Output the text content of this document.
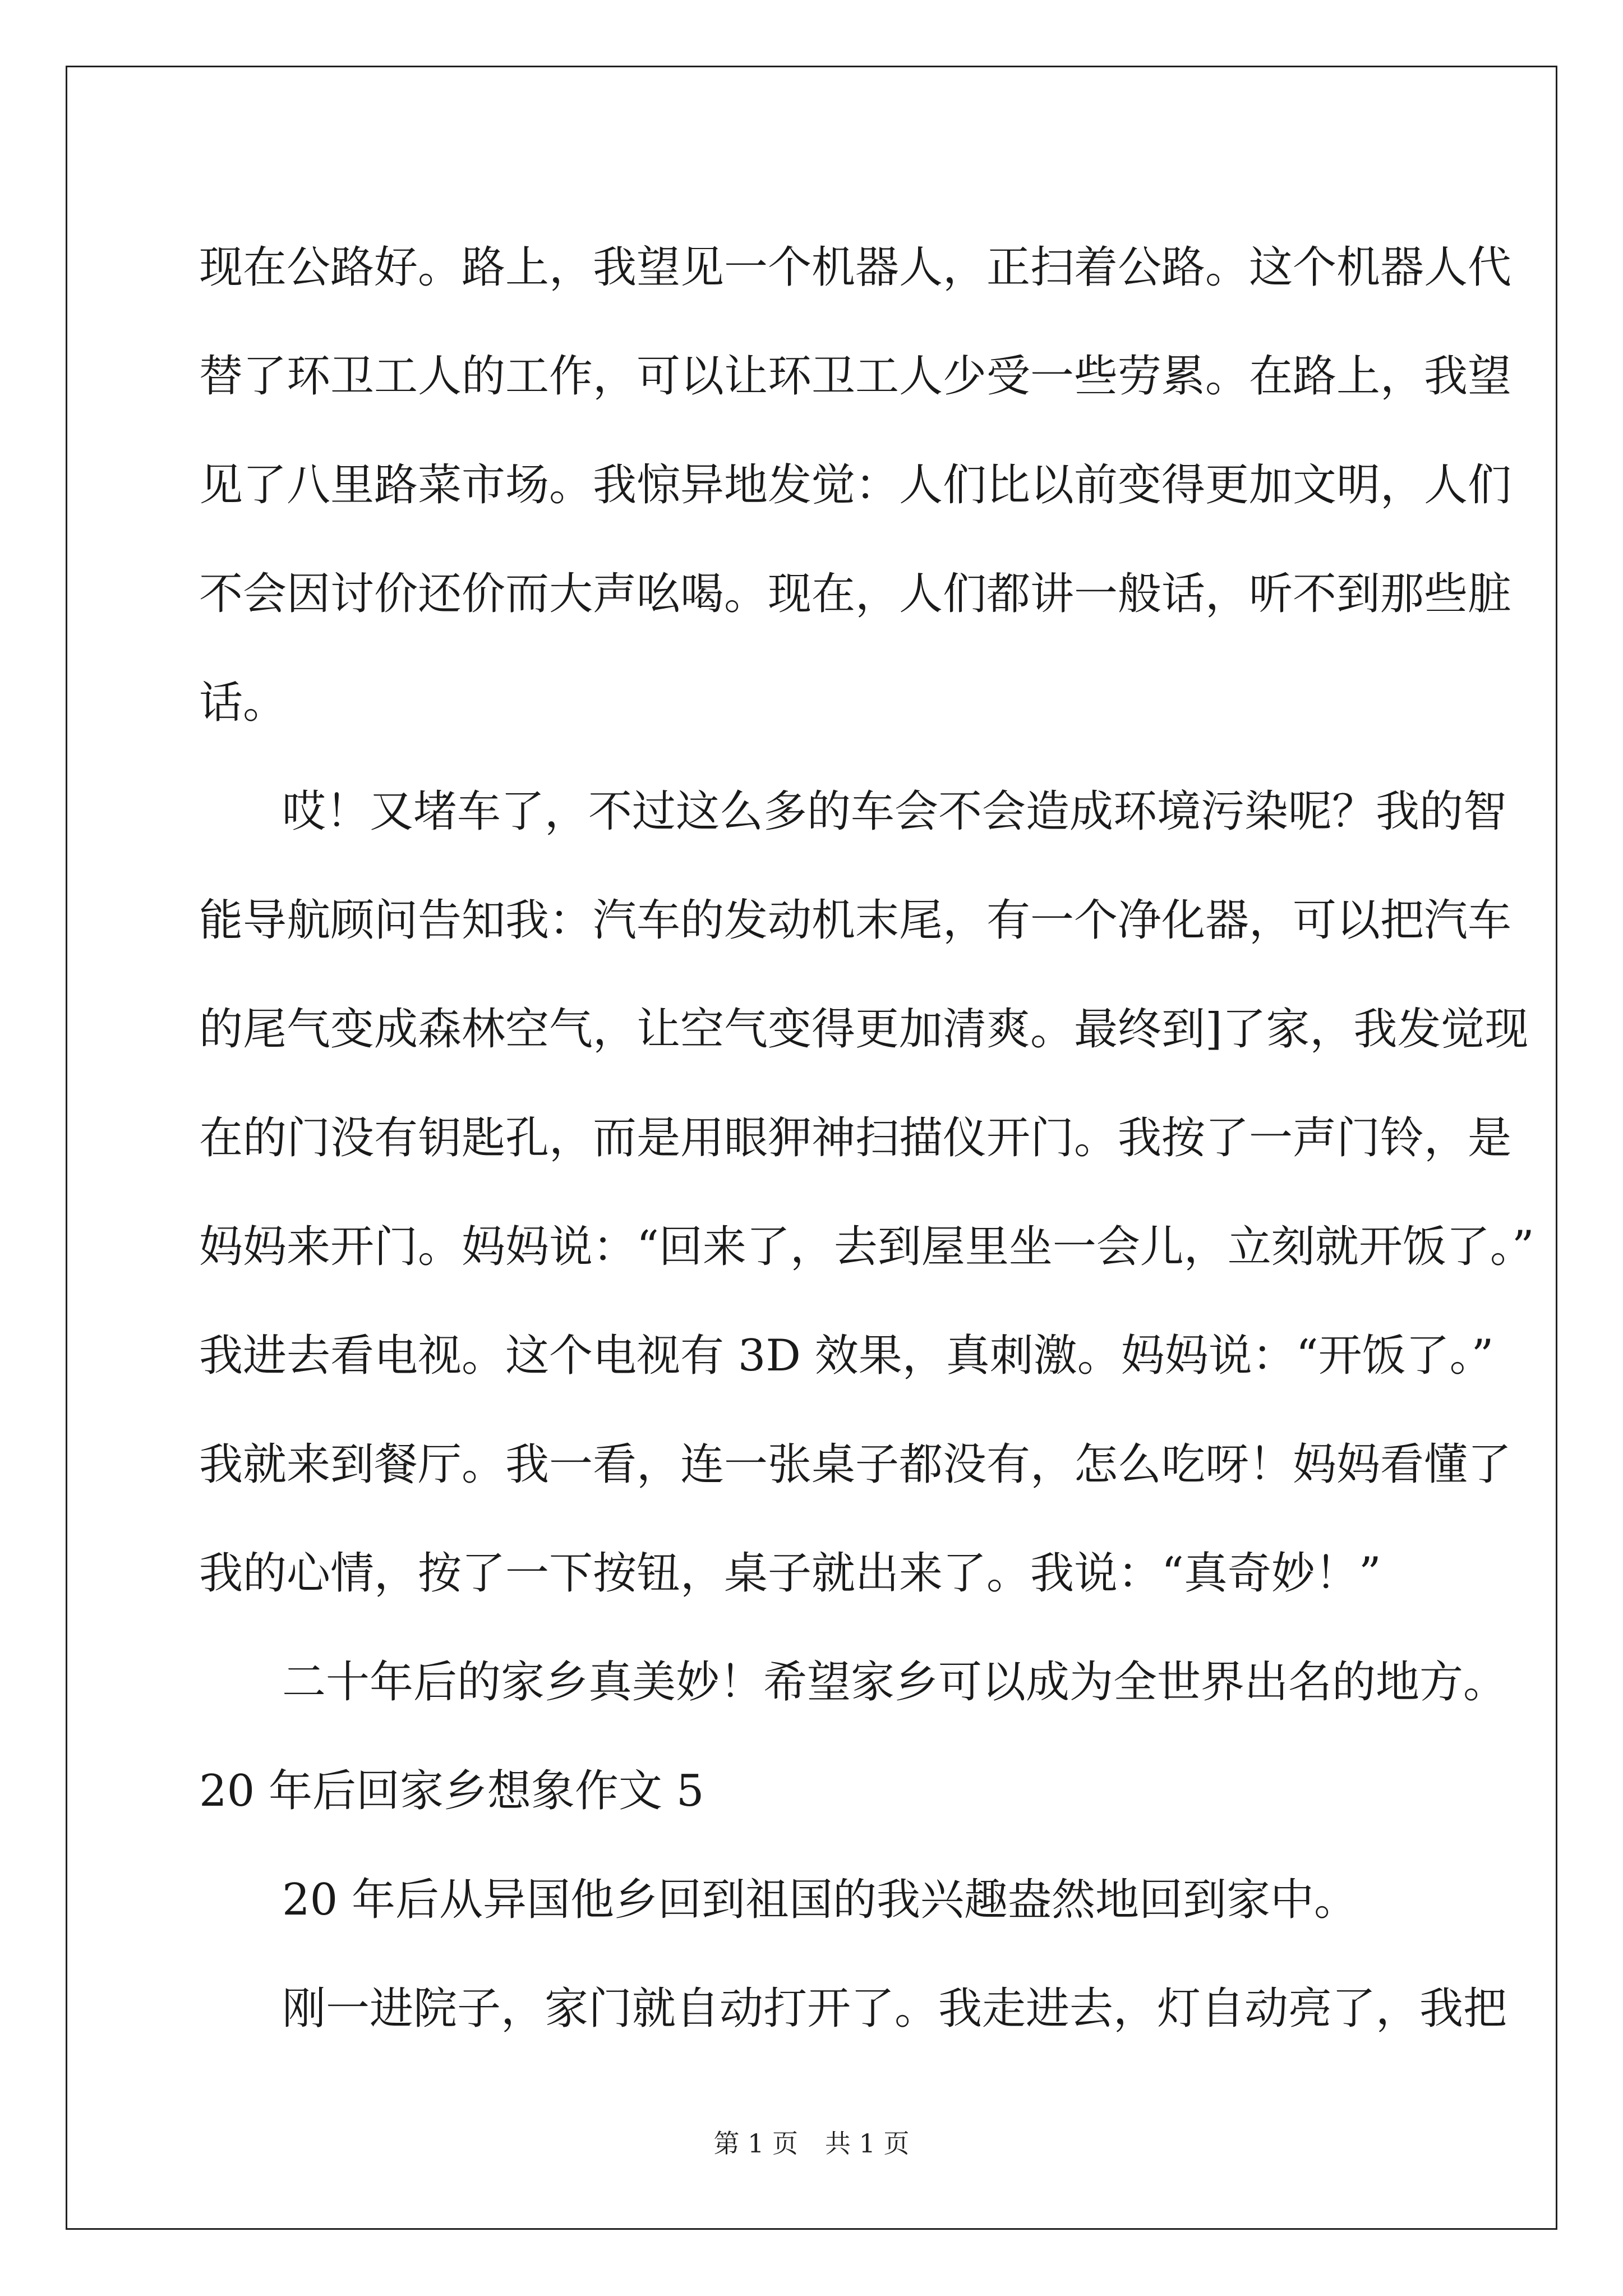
现在公路好。路上，我望见一个机器人，正扫着公路。这个机器人代
替了环卫工人的工作，可以让环卫工人少受一些劳累。在路上，我望
见了八里路菜市场。我惊异地发觉：人们比以前变得更加文明，人们
不会因讨价还价而大声吆喝。现在，人们都讲一般话，听不到那些脏
话。
哎！又堵车了，不过这么多的车会不会造成环境污染呢？我的智
能导航顾问告知我：汽车的发动机末尾，有一个净化器，可以把汽车
的尾气变成森林空气，让空气变得更加清爽。最终到]了家，我发觉现
在的门没有钥匙孔，而是用眼狎神扫描仪开门。我按了一声门铃，是
妈妈来开门。妈妈说：“回来了，去到屋里坐一会儿，立刻就开饭了。”
我进去看电视。这个电视有 3D 效果，真刺激。妈妈说：“开饭了。”
我就来到餐厅。我一看，连一张桌子都没有，怎么吃呀！妈妈看懂了
我的心情，按了一下按钮，桌子就出来了。我说：“真奇妙！”
二十年后的家乡真美妙！希望家乡可以成为全世界出名的地方。
20 年后回家乡想象作文 5
20 年后从异国他乡回到祖国的我兴趣盎然地回到家中。
刚一进院子，家门就自动打开了。我走进去，灯自动亮了，我把
第 1 页 共 1 页
